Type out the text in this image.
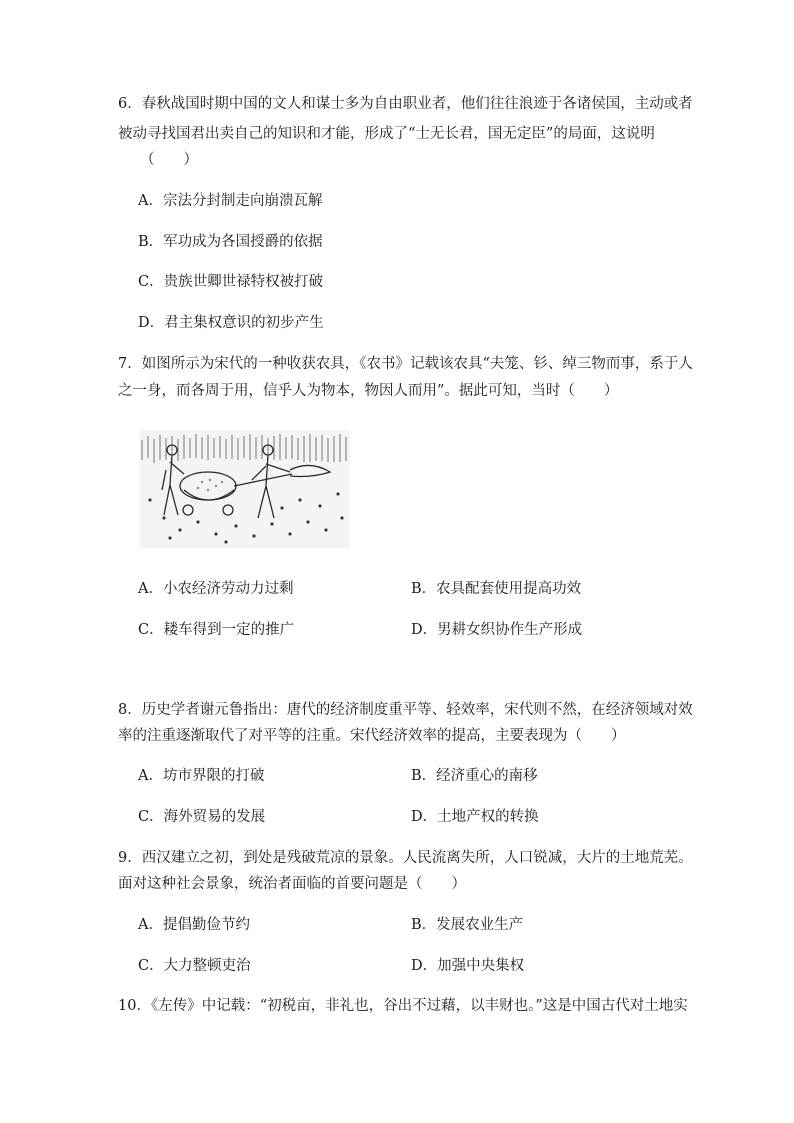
6．春秋战国时期中国的文人和谋士多为自由职业者，他们往往浪迹于各诸侯国，主动或者
被动寻找国君出卖自己的知识和才能，形成了“士无长君，国无定臣”的局面，这说明
（　　）
A．宗法分封制走向崩溃瓦解
B．军功成为各国授爵的依据
C．贵族世卿世禄特权被打破
D．君主集权意识的初步产生
7．如图所示为宋代的一种收获农具，《农书》记载该农具“夫笼、钐、绰三物而事，系于人
之一身，而各周于用，信乎人为物本，物因人而用”。据此可知，当时（　　）
A．小农经济劳动力过剩	B．农具配套使用提高功效
C．耧车得到一定的推广	D．男耕女织协作生产形成
8．历史学者谢元鲁指出：唐代的经济制度重平等、轻效率，宋代则不然，在经济领域对效
率的注重逐渐取代了对平等的注重。宋代经济效率的提高，主要表现为（　　）
A．坊市界限的打破	B．经济重心的南移
C．海外贸易的发展	D．土地产权的转换
9．西汉建立之初，到处是残破荒凉的景象。人民流离失所，人口锐减，大片的土地荒芜。
面对这种社会景象，统治者面临的首要问题是（　　）
A．提倡勤俭节约	B．发展农业生产
C．大力整顿吏治	D．加强中央集权
10．《左传》中记载：“初税亩，非礼也，谷出不过藉，以丰财也。”这是中国古代对土地实
